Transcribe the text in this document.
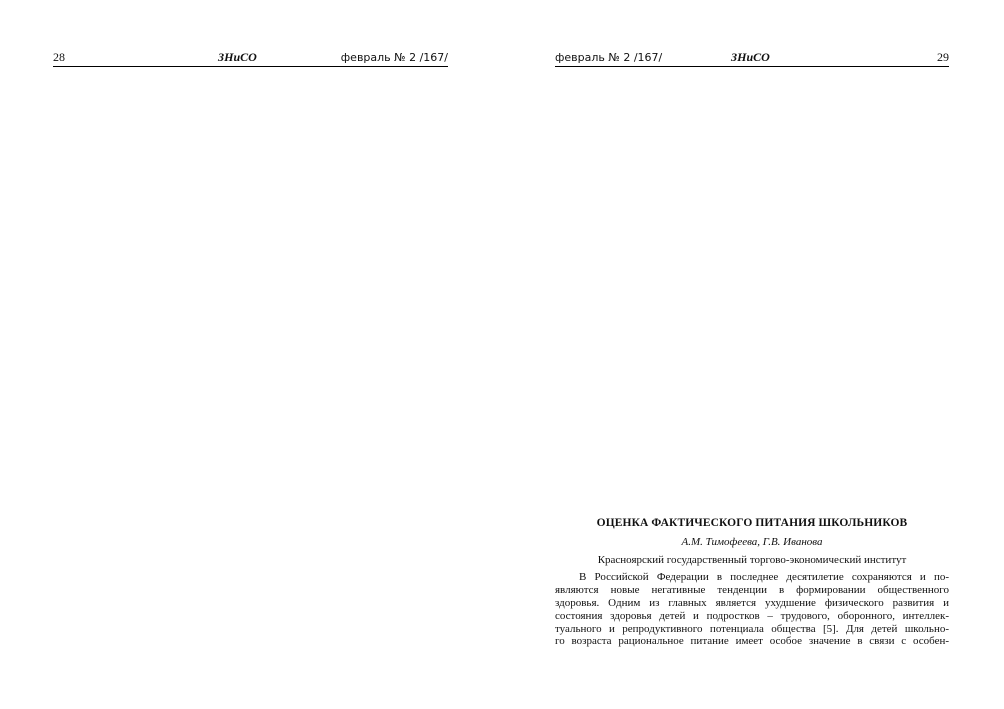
28	ЗНиСО	февраль № 2 /167/	февраль № 2 /167/	ЗНиСО	29
ОЦЕНКА ФАКТИЧЕСКОГО ПИТАНИЯ ШКОЛЬНИКОВ
А.М. Тимофеева, Г.В. Иванова
Красноярский государственный торгово-экономический институт
В Российской Федерации в последнее десятилетие сохраняются и по-
являются новые негативные тенденции в формировании общественного
здоровья. Одним из главных является ухудшение физического развития и
состояния здоровья детей и подростков – трудового, оборонного, интеллек-
туального и репродуктивного потенциала общества [5]. Для детей школьно-
го возраста рациональное питание имеет особое значение в связи с особен-
